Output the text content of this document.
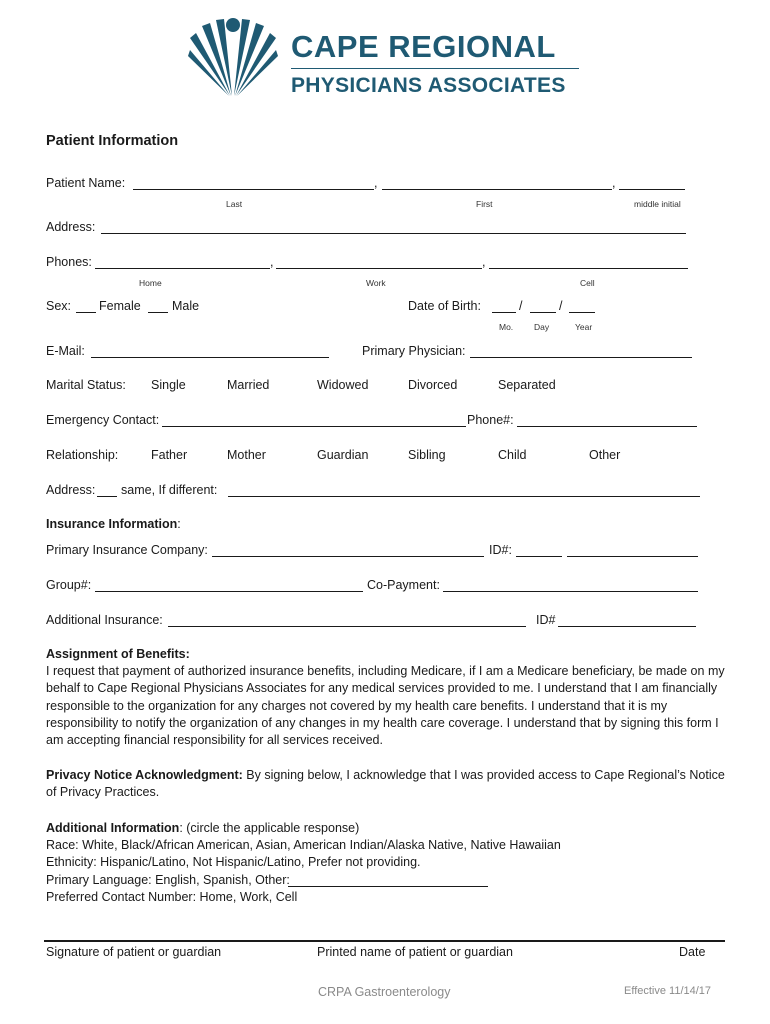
CAPE REGIONAL
PHYSICIANS ASSOCIATES
Patient Information
Patient Name:	,	,
Last	First	middle initial
Address:
Phones:	,	,
Home	Work	Cell
Sex: Female	Male	Date of Birth:	/	/
Mo. Day	Year
E-Mail:	Primary Physician:
Marital Status: Single	Married	Widowed	Divorced	Separated
Emergency Contact:	Phone#:
Relationship:	Father	Mother	Guardian	Sibling	Child	Other
Address: same, If different:
Insurance Information:
Primary Insurance Company:	ID#:
Group#:	Co-Payment:
Additional Insurance:	ID#
Assignment of Benefits:
I request that payment of authorized insurance benefits, including Medicare, if I am a Medicare beneficiary, be made on my behalf to Cape Regional Physicians Associates for any medical services provided to me. I understand that I am financially responsible to the organization for any charges not covered by my health care benefits. I understand that it is my responsibility to notify the organization of any changes in my health care coverage. I understand that by signing this form I am accepting financial responsibility for all services received.
Privacy Notice Acknowledgment: By signing below, I acknowledge that I was provided access to Cape Regional’s Notice of Privacy Practices.
Additional Information: (circle the applicable response)
Race: White, Black/African American, Asian, American Indian/Alaska Native, Native Hawaiian
Ethnicity: Hispanic/Latino, Not Hispanic/Latino, Prefer not providing.
Primary Language: English, Spanish, Other:
Preferred Contact Number: Home, Work, Cell
Signature of patient or guardian	Printed name of patient or guardian	Date
CRPA Gastroenterology	Effective 11/14/17
